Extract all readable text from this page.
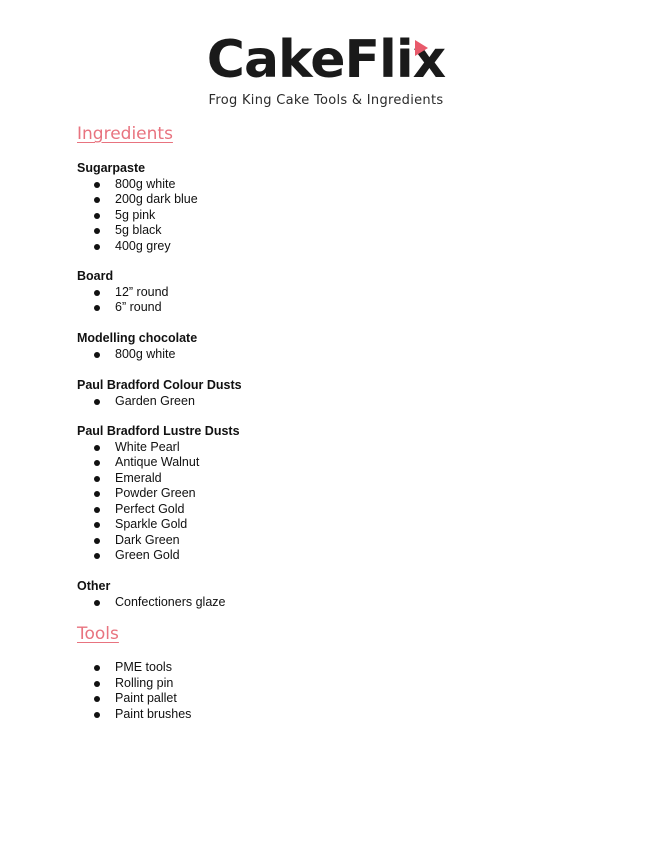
CakeFlix
Frog King Cake Tools & Ingredients
Ingredients
Sugarpaste
800g white
200g dark blue
5g pink
5g black
400g grey
Board
12” round
6” round
Modelling chocolate
800g white
Paul Bradford Colour Dusts
Garden Green
Paul Bradford Lustre Dusts
White Pearl
Antique Walnut
Emerald
Powder Green
Perfect Gold
Sparkle Gold
Dark Green
Green Gold
Other
Confectioners glaze
Tools
PME tools
Rolling pin
Paint pallet
Paint brushes
